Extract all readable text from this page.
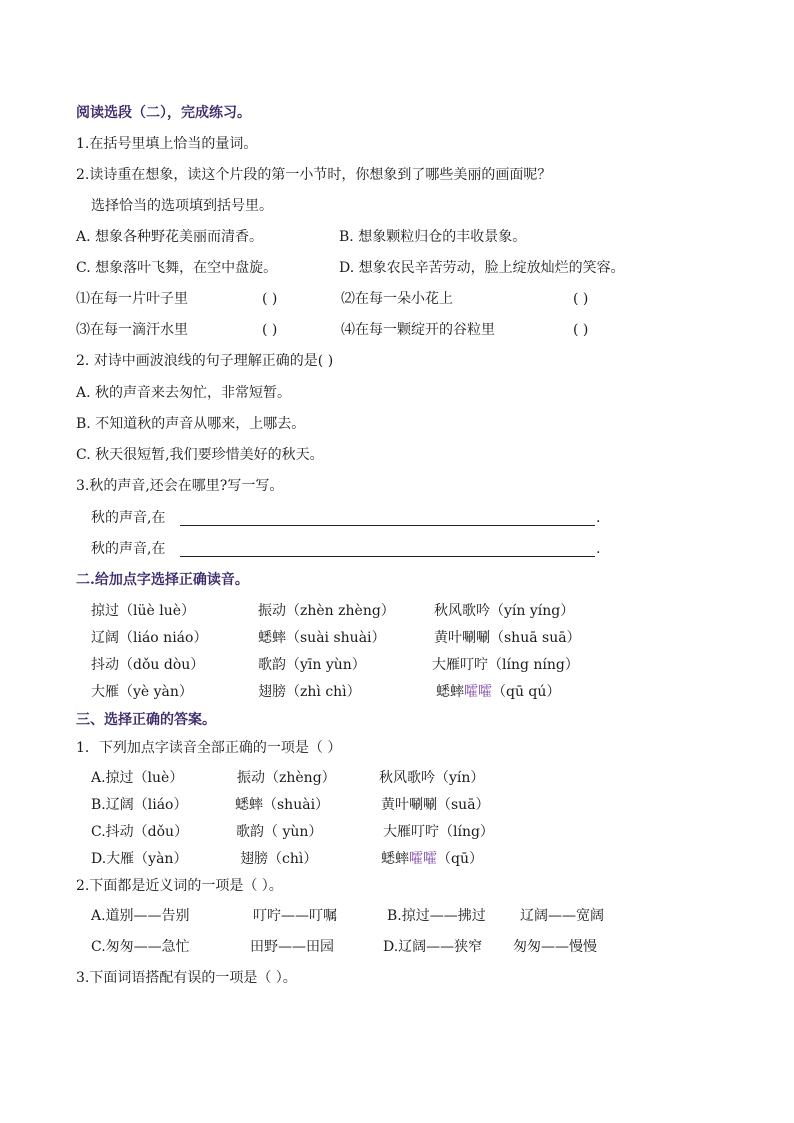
阅读选段（二），完成练习。
1.在括号里填上恰当的量词。
2.读诗重在想象，读这个片段的第一小节时，你想象到了哪些美丽的画面呢？
选择恰当的选项填到括号里。
A. 想象各种野花美丽而清香。	B. 想象颗粒归仓的丰收景象。
C. 想象落叶飞舞，在空中盘旋。	D. 想象农民辛苦劳动，脸上绽放灿烂的笑容。
⑴在每一片叶子里	( )	⑵在每一朵小花上	( )
⑶在每一滴汗水里	( )	⑷在每一颗绽开的谷粒里	( )
2. 对诗中画波浪线的句子理解正确的是( )
A. 秋的声音来去匆忙，非常短暂。
B. 不知道秋的声音从哪来，上哪去。
C. 秋天很短暂,我们要珍惜美好的秋天。
3.秋的声音,还会在哪里?写一写。
秋的声音,在	.
秋的声音,在	.
二.给加点字选择正确读音。
掠过（lüè luè）	振动（zhèn zhèng）	秋风歌吟（yín yíng）
辽阔（liáo niáo）	蟋蟀（suài shuài）	黄叶唰唰（shuā suā）
抖动（dǒu dòu）	歌韵（yīn yùn）	大雁叮咛（líng níng）
大雁（yè yàn）	翅膀（zhì chì）	蟋蟀嚯嚯（qū qú）
三、选择正确的答案。
1．下列加点字读音全部正确的一项是（ ）
A.掠过（luè）	振动（zhèng）	秋风歌吟（yín）
B.辽阔（liáo）	蟋蟀（shuài）	黄叶唰唰（suā）
C.抖动（dǒu）	歌韵（ yùn）	大雁叮咛（líng）
D.大雁（yàn）	翅膀（chì）	蟋蟀嚯嚯（qū）
2.下面都是近义词的一项是（ ）。
A.道别——告别	叮咛——叮嘱	B.掠过——拂过 辽阔——宽阔
C.匆匆——急忙	田野——田园	D.辽阔——狭窄 匆匆——慢慢
3.下面词语搭配有误的一项是（ ）。
